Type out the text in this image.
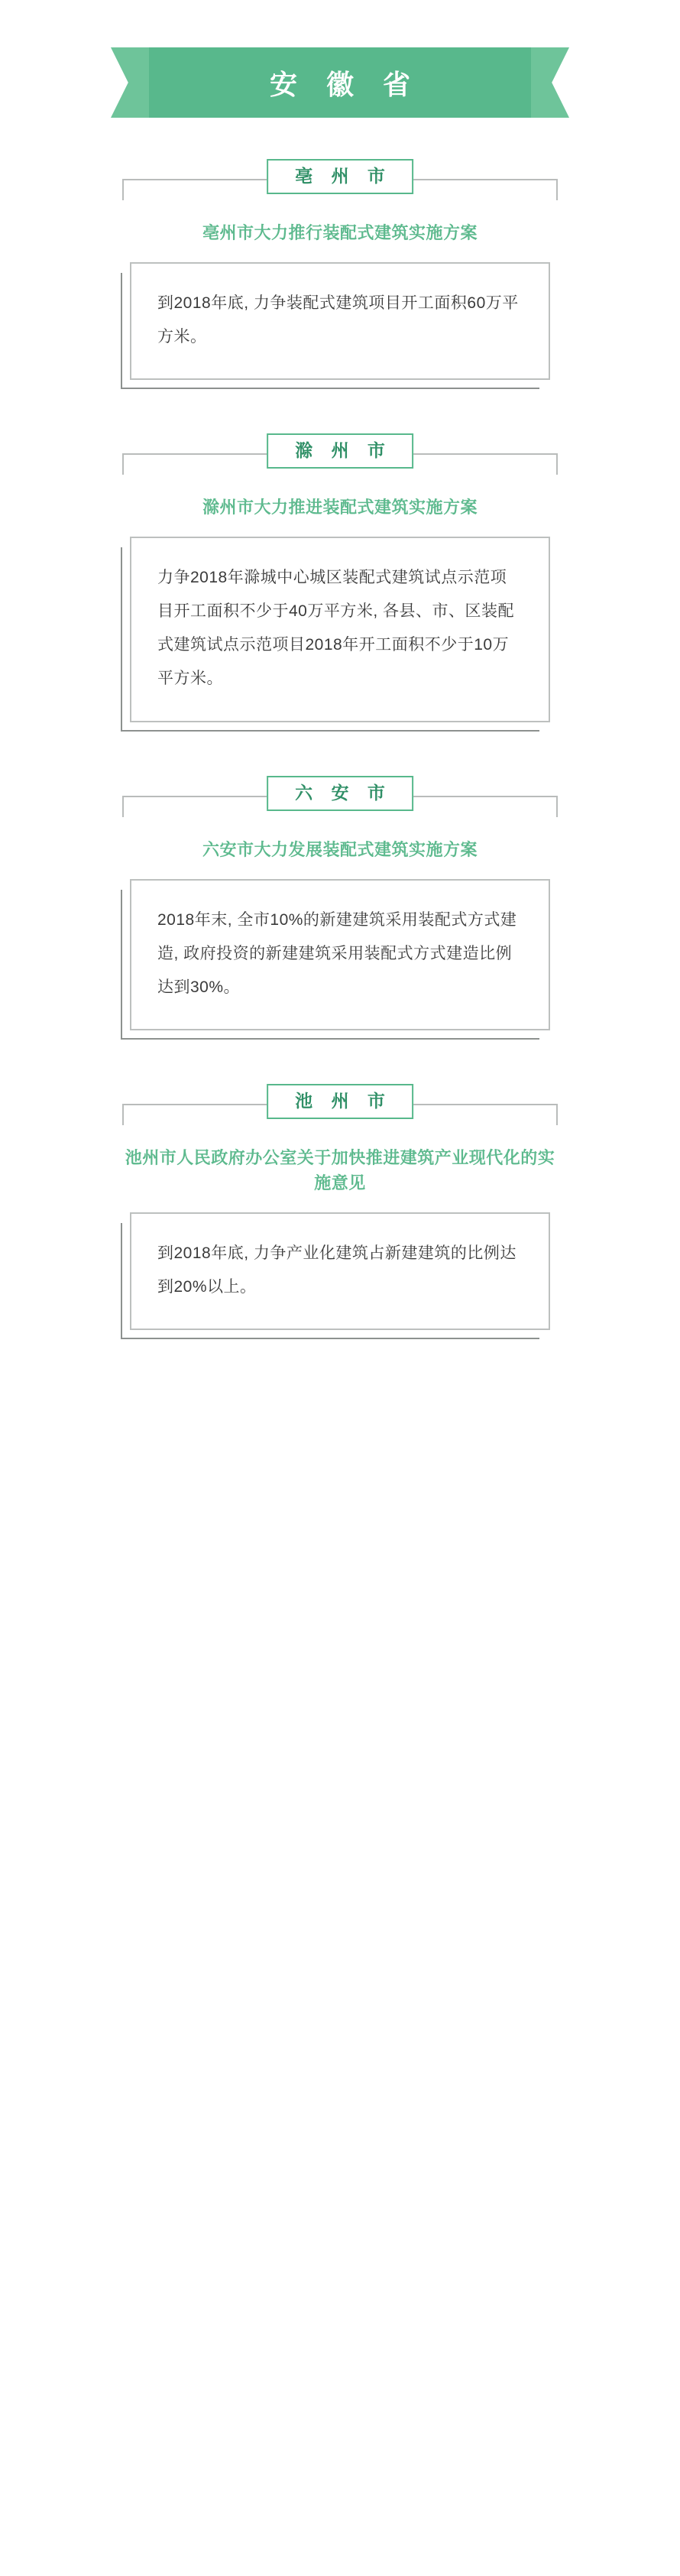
安 徽 省
亳 州 市
亳州市大力推行装配式建筑实施方案

到2018年底, 力争装配式建筑项目开工面积60万平方米。

滁 州 市
滁州市大力推进装配式建筑实施方案

力争2018年滁城中心城区装配式建筑试点示范项目开工面积不少于40万平方米, 各县、市、区装配式建筑试点示范项目2018年开工面积不少于10万平方米。

六 安 市
六安市大力发展装配式建筑实施方案

2018年末, 全市10%的新建建筑采用装配式方式建造, 政府投资的新建建筑采用装配式方式建造比例达到30%。

池 州 市
池州市人民政府办公室关于加快推进建筑产业现代化的实施意见

到2018年底, 力争产业化建筑占新建建筑的比例达到20%以上。
